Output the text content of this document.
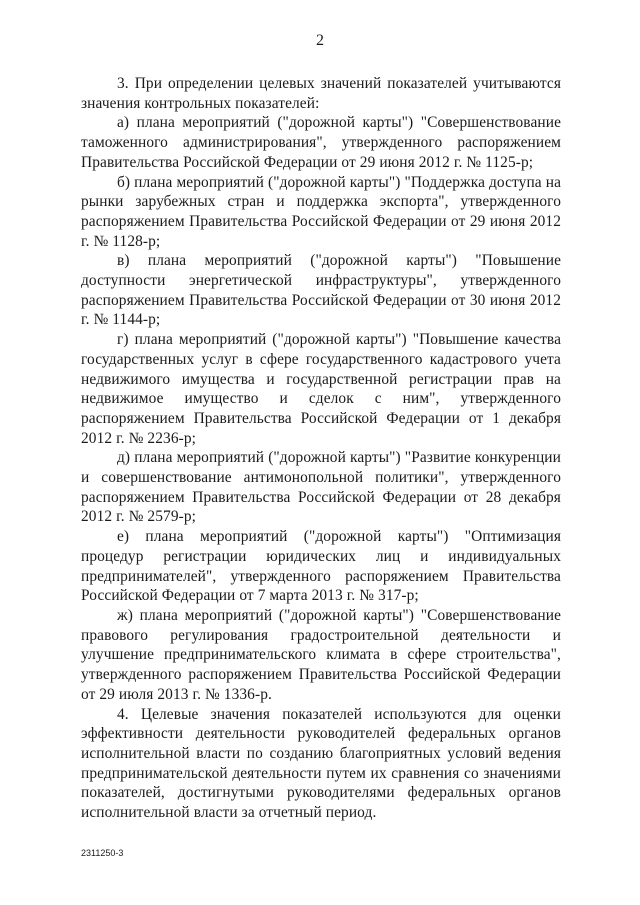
2

3. При определении целевых значений показателей учитываются значения контрольных показателей:

а) плана мероприятий ("дорожной карты") "Совершенствование таможенного администрирования", утвержденного распоряжением Правительства Российской Федерации от 29 июня 2012 г. № 1125-р;

б) плана мероприятий ("дорожной карты") "Поддержка доступа на рынки зарубежных стран и поддержка экспорта", утвержденного распоряжением Правительства Российской Федерации от 29 июня 2012 г. № 1128-р;

в) плана мероприятий ("дорожной карты") "Повышение доступности энергетической инфраструктуры", утвержденного распоряжением Правительства Российской Федерации от 30 июня 2012 г. № 1144-р;

г) плана мероприятий ("дорожной карты") "Повышение качества государственных услуг в сфере государственного кадастрового учета недвижимого имущества и государственной регистрации прав на недвижимое имущество и сделок с ним", утвержденного распоряжением Правительства Российской Федерации от 1 декабря 2012 г. № 2236-р;

д) плана мероприятий ("дорожной карты") "Развитие конкуренции и совершенствование антимонопольной политики", утвержденного распоряжением Правительства Российской Федерации от 28 декабря 2012 г. № 2579-р;

е) плана мероприятий ("дорожной карты") "Оптимизация процедур регистрации юридических лиц и индивидуальных предпринимателей", утвержденного распоряжением Правительства Российской Федерации от 7 марта 2013 г. № 317-р;

ж) плана мероприятий ("дорожной карты") "Совершенствование правового регулирования градостроительной деятельности и улучшение предпринимательского климата в сфере строительства", утвержденного распоряжением Правительства Российской Федерации от 29 июля 2013 г. № 1336-р.

4. Целевые значения показателей используются для оценки эффективности деятельности руководителей федеральных органов исполнительной власти по созданию благоприятных условий ведения предпринимательской деятельности путем их сравнения со значениями показателей, достигнутыми руководителями федеральных органов исполнительной власти за отчетный период.

2311250-3
